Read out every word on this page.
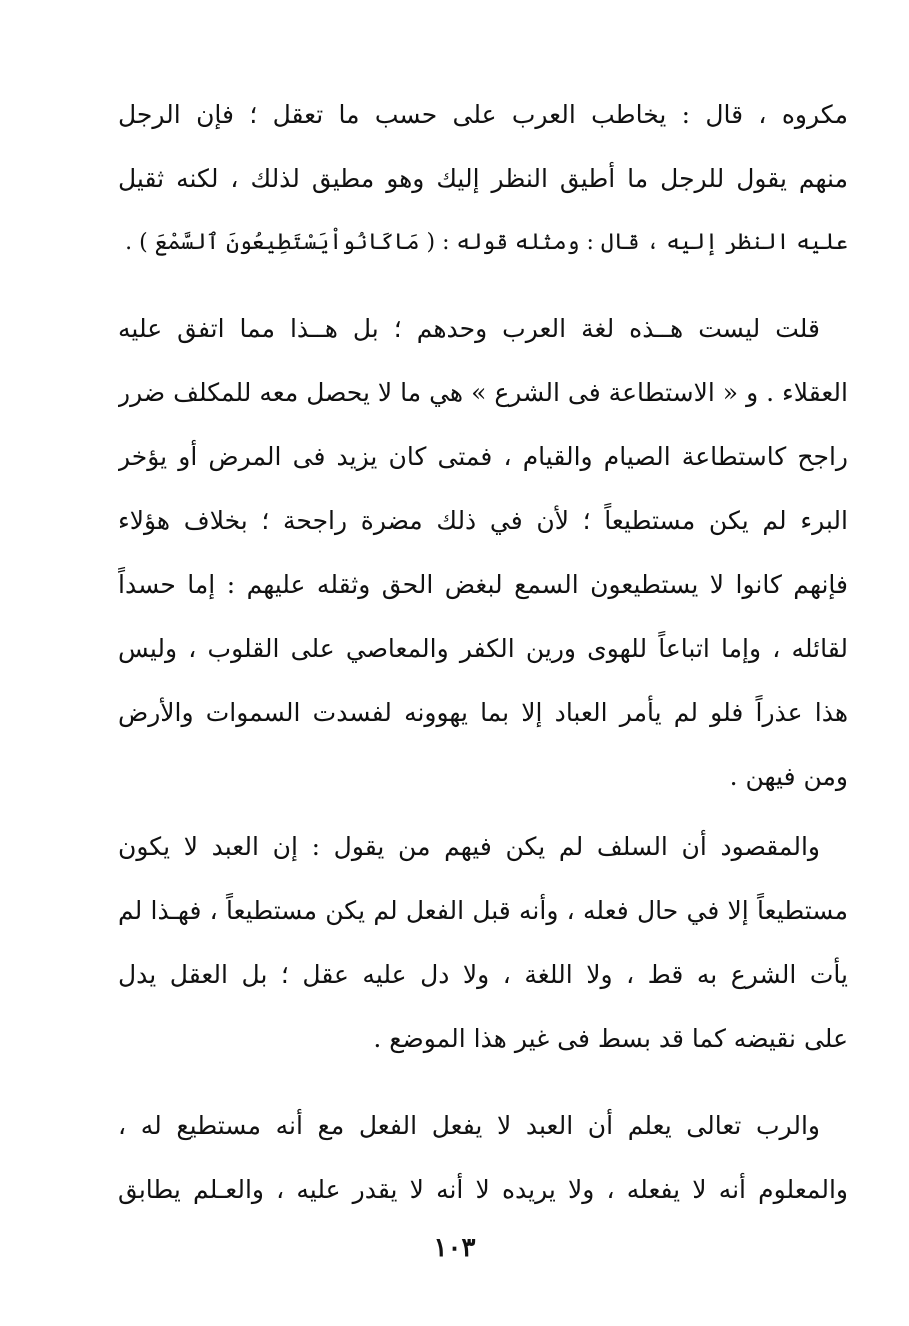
مكروه ، قال : يخاطب العرب على حسب ما تعقل ؛ فإن الرجل
منهم يقول للرجل ما أطيق النظر إليك وهو مطيق لذلك ، لكنه ثقيل
عليه النظر إليه ، قال : ومثله قوله : ( مَاكَانُواْيَسْتَطِيعُونَ ٱلسَّمْعَ ) .
قلت ليست هــذه لغة العرب وحدهم ؛ بل هــذا مما اتفق عليه
العقلاء . و « الاستطاعة فى الشرع » هي ما لا يحصل معه للمكلف ضرر
راجح كاستطاعة الصيام والقيام ، فمتى كان يزيد فى المرض أو يؤخر
البرء لم يكن مستطيعاً ؛ لأن في ذلك مضرة راجحة ؛ بخلاف هؤلاء
فإنهم كانوا لا يستطيعون السمع لبغض الحق وثقله عليهم : إما حسداً
لقائله ، وإما اتباعاً للهوى ورين الكفر والمعاصي على القلوب ، وليس
هذا عذراً فلو لم يأمر العباد إلا بما يهوونه لفسدت السموات والأرض
ومن فيهن .
والمقصود أن السلف لم يكن فيهم من يقول : إن العبد لا يكون
مستطيعاً إلا في حال فعله ، وأنه قبل الفعل لم يكن مستطيعاً ، فهـذا لم
يأت الشرع به قط ، ولا اللغة ، ولا دل عليه عقل ؛ بل العقل يدل
على نقيضه كما قد بسط فى غير هذا الموضع .
والرب تعالى يعلم أن العبد لا يفعل الفعل مع أنه مستطيع له ،
والمعلوم أنه لا يفعله ، ولا يريده لا أنه لا يقدر عليه ، والعـلم يطابق
١٠٣
